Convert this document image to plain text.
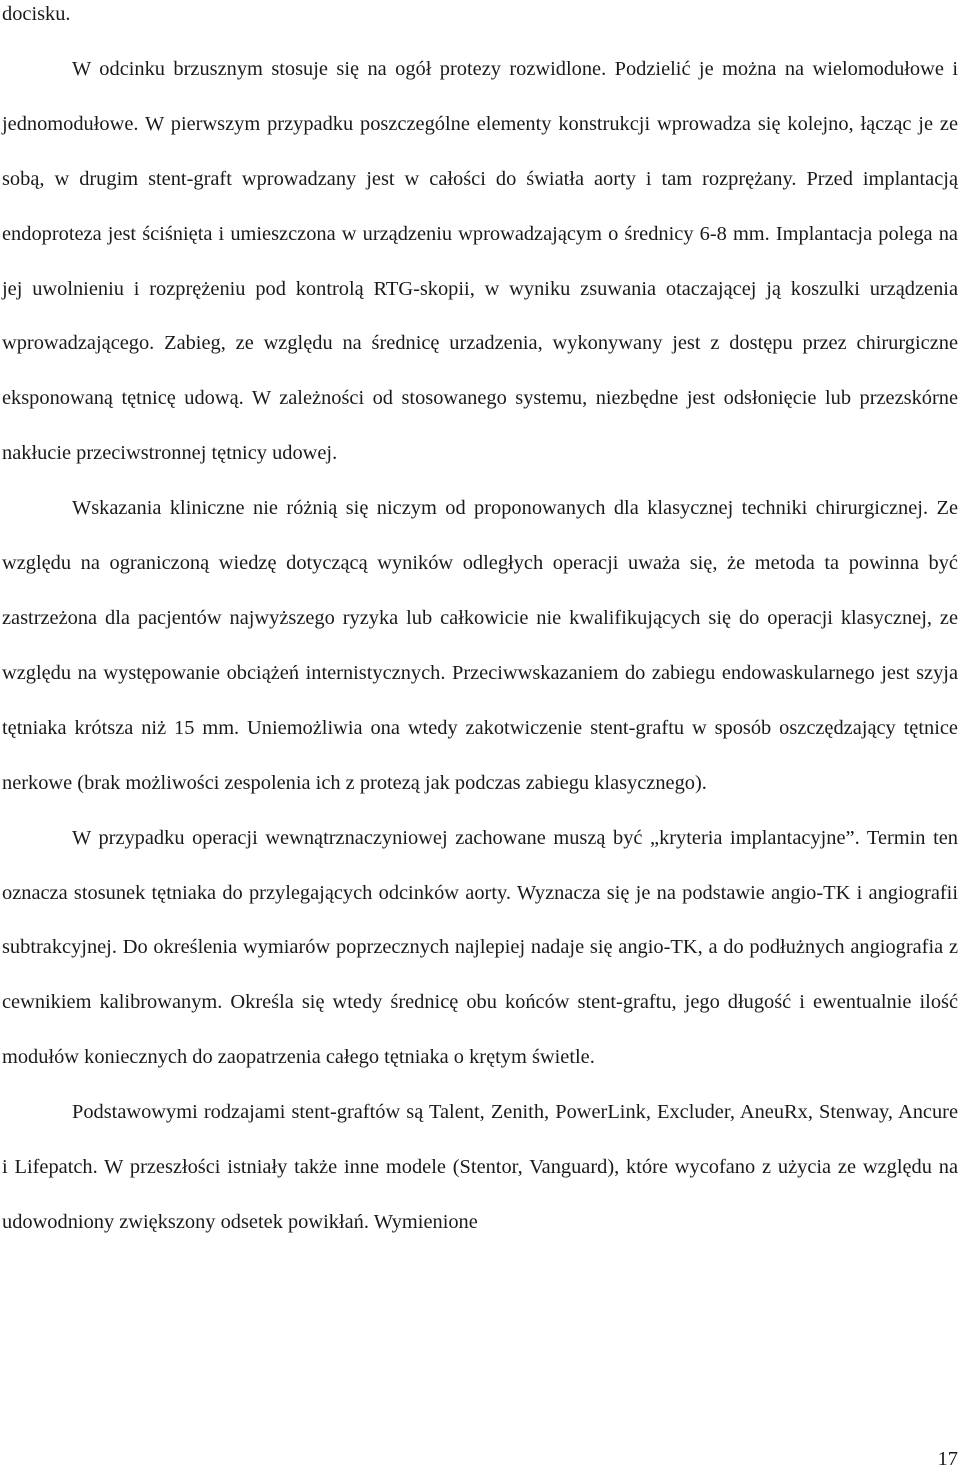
docisku.

W odcinku brzusznym stosuje się na ogół protezy rozwidlone. Podzielić je można na wielomodułowe i jednomodułowe. W pierwszym przypadku poszczególne elementy konstrukcji wprowadza się kolejno, łącząc je ze sobą, w drugim stent-graft wprowadzany jest w całości do światła aorty i tam rozprężany. Przed implantacją endoproteza jest ściśnięta i umieszczona w urządzeniu wprowadzającym o średnicy 6-8 mm. Implantacja polega na jej uwolnieniu i rozprężeniu pod kontrolą RTG-skopii, w wyniku zsuwania otaczającej ją koszulki urządzenia wprowadzającego. Zabieg, ze względu na średnicę urzadzenia, wykonywany jest z dostępu przez chirurgiczne eksponowaną tętnicę udową. W zależności od stosowanego systemu, niezbędne jest odsłonięcie lub przezskórne nakłucie przeciwstronnej tętnicy udowej.

Wskazania kliniczne nie różnią się niczym od proponowanych dla klasycznej techniki chirurgicznej. Ze względu na ograniczoną wiedzę dotyczącą wyników odległych operacji uważa się, że metoda ta powinna być zastrzeżona dla pacjentów najwyższego ryzyka lub całkowicie nie kwalifikujących się do operacji klasycznej, ze względu na występowanie obciążeń internistycznych. Przeciwwskazaniem do zabiegu endowaskularnego jest szyja tętniaka krótsza niż 15 mm. Uniemożliwia ona wtedy zakotwiczenie stent-graftu w sposób oszczędzający tętnice nerkowe (brak możliwości zespolenia ich z protezą jak podczas zabiegu klasycznego).

W przypadku operacji wewnątrznaczyniowej zachowane muszą być „kryteria implantacyjne”. Termin ten oznacza stosunek tętniaka do przylegających odcinków aorty. Wyznacza się je na podstawie angio-TK i angiografii subtrakcyjnej. Do określenia wymiarów poprzecznych najlepiej nadaje się angio-TK, a do podłużnych angiografia z cewnikiem kalibrowanym. Określa się wtedy średnicę obu końców stent-graftu, jego długość i ewentualnie ilość modułów koniecznych do zaopatrzenia całego tętniaka o krętym świetle.

Podstawowymi rodzajami stent-graftów są Talent, Zenith, PowerLink, Excluder, AneuRx, Stenway, Ancure i Lifepatch. W przeszłości istniały także inne modele (Stentor, Vanguard), które wycofano z użycia ze względu na udowodniony zwiększony odsetek powikłań. Wymienione

17
